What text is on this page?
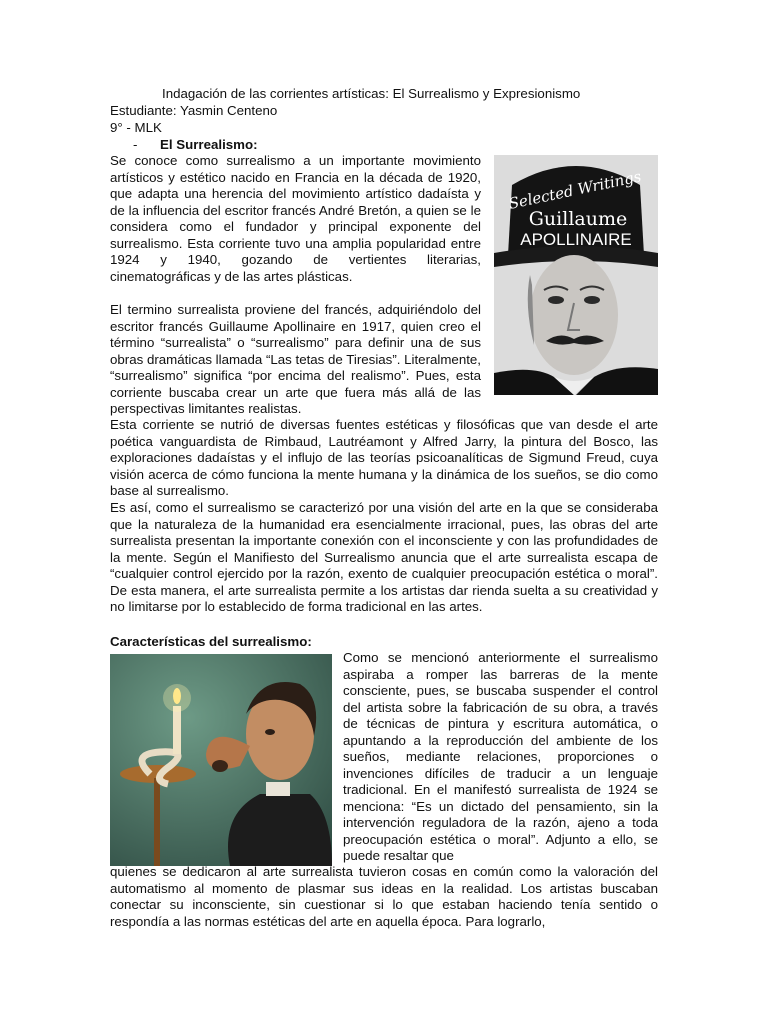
Indagación de las corrientes artísticas: El Surrealismo y Expresionismo
Estudiante: Yasmin Centeno
9° - MLK
- El Surrealismo:
Selected Writings
Guillaume
APOLLINAIRE

Se conoce como surrealismo a un importante movimiento artísticos y estético nacido en Francia en la década de 1920, que adapta una herencia del movimiento artístico dadaísta y de la influencia del escritor francés André Bretón, a quien se le considera como el fundador y principal exponente del surrealismo. Esta corriente tuvo una amplia popularidad entre 1924 y 1940, gozando de vertientes literarias, cinematográficas y de las artes plásticas.

El termino surrealista proviene del francés, adquiriéndolo del escritor francés Guillaume Apollinaire en 1917, quien creo el término “surrealista” o “surrealismo” para definir una de sus obras dramáticas llamada “Las tetas de Tiresias”. Literalmente, “surrealismo” significa “por encima del realismo”. Pues, esta corriente buscaba crear un arte que fuera más allá de las perspectivas limitantes realistas.

Esta corriente se nutrió de diversas fuentes estéticas y filosóficas que van desde el arte poética vanguardista de Rimbaud, Lautréamont y Alfred Jarry, la pintura del Bosco, las exploraciones dadaístas y el influjo de las teorías psicoanalíticas de Sigmund Freud, cuya visión acerca de cómo funciona la mente humana y la dinámica de los sueños, se dio como base al surrealismo.

Es así, como el surrealismo se caracterizó por una visión del arte en la que se consideraba que la naturaleza de la humanidad era esencialmente irracional, pues, las obras del arte surrealista presentan la importante conexión con el inconsciente y con las profundidades de la mente. Según el Manifiesto del Surrealismo anuncia que el arte surrealista escapa de “cualquier control ejercido por la razón, exento de cualquier preocupación estética o moral”. De esta manera, el arte surrealista permite a los artistas dar rienda suelta a su creatividad y no limitarse por lo establecido de forma tradicional en las artes.

Características del surrealismo:

Como se mencionó anteriormente el surrealismo aspiraba a romper las barreras de la mente consciente, pues, se buscaba suspender el control del artista sobre la fabricación de su obra, a través de técnicas de pintura y escritura automática, o apuntando a la reproducción del ambiente de los sueños, mediante relaciones, proporciones o invenciones difíciles de traducir a un lenguaje tradicional. En el manifestó surrealista de 1924 se menciona: “Es un dictado del pensamiento, sin la intervención reguladora de la razón, ajeno a toda preocupación estética o moral”. Adjunto a ello, se puede resaltar que

quienes se dedicaron al arte surrealista tuvieron cosas en común como la valoración del automatismo al momento de plasmar sus ideas en la realidad. Los artistas buscaban conectar su inconsciente, sin cuestionar si lo que estaban haciendo tenía sentido o respondía a las normas estéticas del arte en aquella época. Para lograrlo,
